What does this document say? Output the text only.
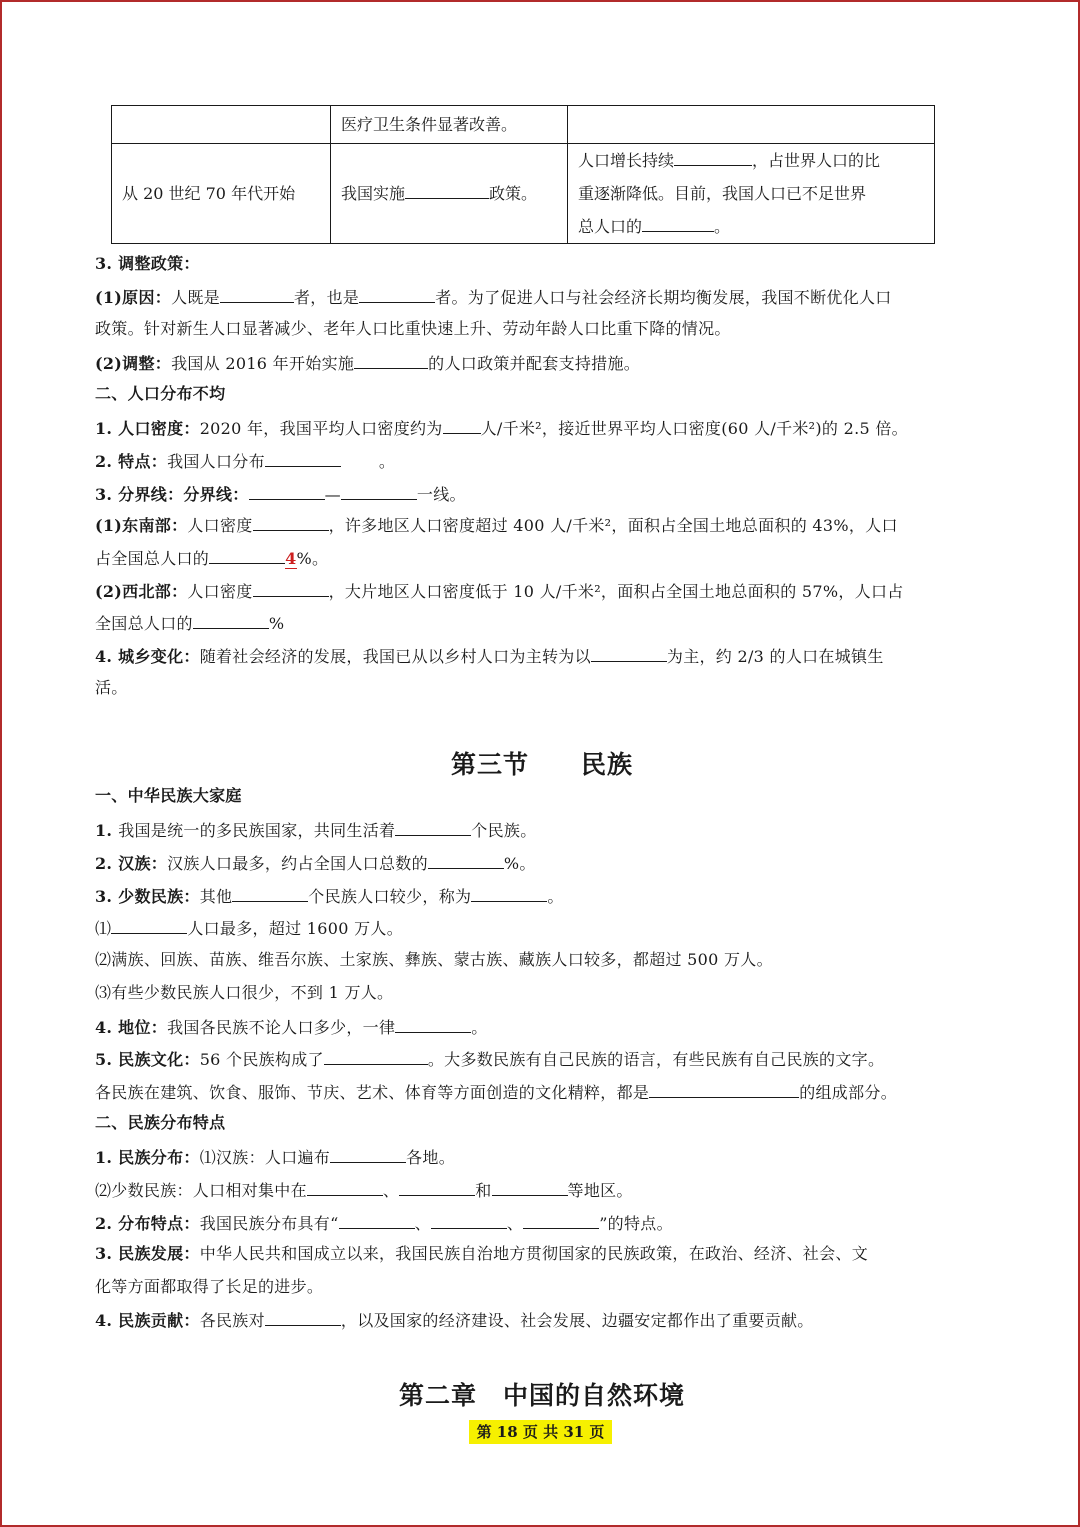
	医疗卫生条件显著改善。	
从 20 世纪 70 年代开始	我国实施 政策。	人口增长持续 ，占世界人口的比
重逐渐降低。目前，我国人口已不足世界
总人口的 。
3. 调整政策：
(1)原因：人既是	者，也是	者。为了促进人口与社会经济长期均衡发展，我国不断优化人口
政策。针对新生人口显著减少、老年人口比重快速上升、劳动年龄人口比重下降的情况。
(2)调整：我国从 2016 年开始实施	的人口政策并配套支持措施。
二、人口分布不均
1. 人口密度：2020 年，我国平均人口密度约为 人/千米²，接近世界平均人口密度(60 人/千米²)的 2.5 倍。
2. 特点：我国人口分布	。
3. 分界线：分界线：	—	一线。
(1)东南部：人口密度	，许多地区人口密度超过 400 人/千米²，面积占全国土地总面积的 43%，人口
占全国总人口的	4%。
(2)西北部：人口密度	，大片地区人口密度低于 10 人/千米²，面积占全国土地总面积的 57%，人口占
全国总人口的	%
4. 城乡变化：随着社会经济的发展，我国已从以乡村人口为主转为以	为主，约 2/3 的人口在城镇生
活。
第三节　　民族
一、中华民族大家庭
1. 我国是统一的多民族国家，共同生活着	个民族。
2. 汉族：汉族人口最多，约占全国人口总数的	%。
3. 少数民族：其他	个民族人口较少，称为	。
⑴	人口最多，超过 1600 万人。
⑵满族、回族、苗族、维吾尔族、土家族、彝族、蒙古族、藏族人口较多，都超过 500 万人。
⑶有些少数民族人口很少，不到 1 万人。
4. 地位：我国各民族不论人口多少，一律	。
5. 民族文化：56 个民族构成了	。大多数民族有自己民族的语言，有些民族有自己民族的文字。
各民族在建筑、饮食、服饰、节庆、艺术、体育等方面创造的文化精粹，都是	的组成部分。
二、民族分布特点
1. 民族分布：⑴汉族：人口遍布	各地。
⑵少数民族：人口相对集中在	、	和	等地区。
2. 分布特点：我国民族分布具有“	、	、	”的特点。
3. 民族发展：中华人民共和国成立以来，我国民族自治地方贯彻国家的民族政策，在政治、经济、社会、文
化等方面都取得了长足的进步。
4. 民族贡献：各民族对	，以及国家的经济建设、社会发展、边疆安定都作出了重要贡献。
第二章　中国的自然环境
第 18 页 共 31 页
